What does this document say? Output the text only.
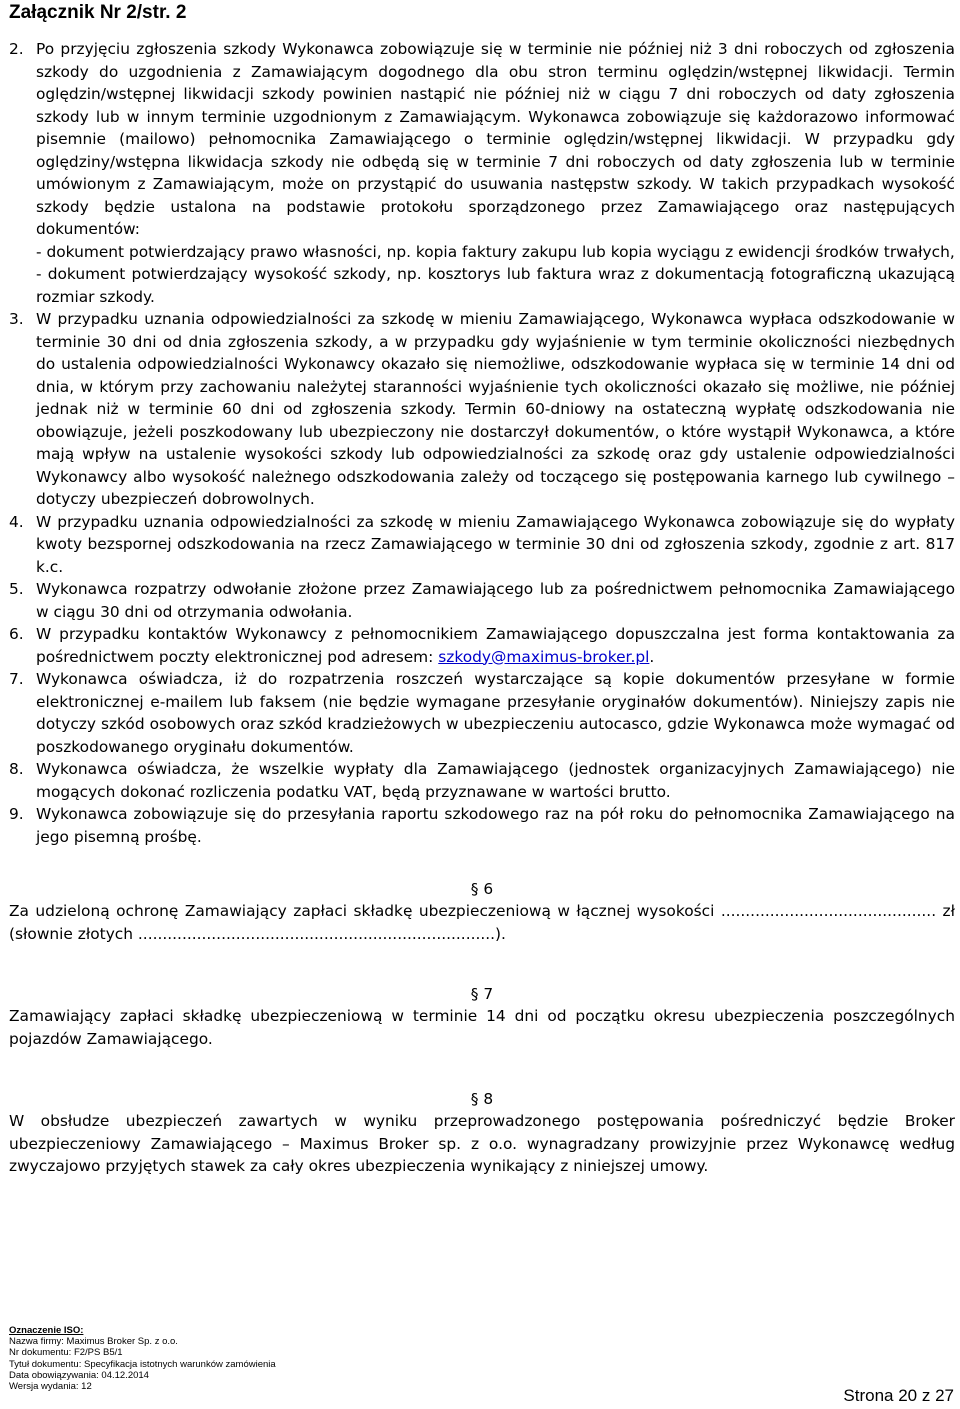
Załącznik Nr 2/str. 2
2. Po przyjęciu zgłoszenia szkody Wykonawca zobowiązuje się w terminie nie później niż 3 dni roboczych od zgłoszenia szkody do uzgodnienia z Zamawiającym dogodnego dla obu stron terminu oględzin/wstępnej likwidacji. Termin oględzin/wstępnej likwidacji szkody powinien nastąpić nie później niż w ciągu 7 dni roboczych od daty zgłoszenia szkody lub w innym terminie uzgodnionym z Zamawiającym. Wykonawca zobowiązuje się każdorazowo informować pisemnie (mailowo) pełnomocnika Zamawiającego o terminie oględzin/wstępnej likwidacji. W przypadku gdy oględziny/wstępna likwidacja szkody nie odbędą się w terminie 7 dni roboczych od daty zgłoszenia lub w terminie umówionym z Zamawiającym, może on przystąpić do usuwania następstw szkody. W takich przypadkach wysokość szkody będzie ustalona na podstawie protokołu sporządzonego przez Zamawiającego oraz następujących dokumentów:

- dokument potwierdzający prawo własności, np. kopia faktury zakupu lub kopia wyciągu z ewidencji środków trwałych,

- dokument potwierdzający wysokość szkody, np. kosztorys lub faktura wraz z dokumentacją fotograficzną ukazującą rozmiar szkody.

3. W przypadku uznania odpowiedzialności za szkodę w mieniu Zamawiającego, Wykonawca wypłaca odszkodowanie w terminie 30 dni od dnia zgłoszenia szkody, a w przypadku gdy wyjaśnienie w tym terminie okoliczności niezbędnych do ustalenia odpowiedzialności Wykonawcy okazało się niemożliwe, odszkodowanie wypłaca się w terminie 14 dni od dnia, w którym przy zachowaniu należytej staranności wyjaśnienie tych okoliczności okazało się możliwe, nie później jednak niż w terminie 60 dni od zgłoszenia szkody. Termin 60-dniowy na ostateczną wypłatę odszkodowania nie obowiązuje, jeżeli poszkodowany lub ubezpieczony nie dostarczył dokumentów, o które wystąpił Wykonawca, a które mają wpływ na ustalenie wysokości szkody lub odpowiedzialności za szkodę oraz gdy ustalenie odpowiedzialności Wykonawcy albo wysokość należnego odszkodowania zależy od toczącego się postępowania karnego lub cywilnego – dotyczy ubezpieczeń dobrowolnych.

4. W przypadku uznania odpowiedzialności za szkodę w mieniu Zamawiającego Wykonawca zobowiązuje się do wypłaty kwoty bezspornej odszkodowania na rzecz Zamawiającego w terminie 30 dni od zgłoszenia szkody, zgodnie z art. 817 k.c.

5. Wykonawca rozpatrzy odwołanie złożone przez Zamawiającego lub za pośrednictwem pełnomocnika Zamawiającego w ciągu 30 dni od otrzymania odwołania.

6. W przypadku kontaktów Wykonawcy z pełnomocnikiem Zamawiającego dopuszczalna jest forma kontaktowania za pośrednictwem poczty elektronicznej pod adresem: szkody@maximus-broker.pl.

7. Wykonawca oświadcza, iż do rozpatrzenia roszczeń wystarczające są kopie dokumentów przesyłane w formie elektronicznej e-mailem lub faksem (nie będzie wymagane przesyłanie oryginałów dokumentów). Niniejszy zapis nie dotyczy szkód osobowych oraz szkód kradzieżowych w ubezpieczeniu autocasco, gdzie Wykonawca może wymagać od poszkodowanego oryginału dokumentów.

8. Wykonawca oświadcza, że wszelkie wypłaty dla Zamawiającego (jednostek organizacyjnych Zamawiającego) nie mogących dokonać rozliczenia podatku VAT, będą przyznawane w wartości brutto.

9. Wykonawca zobowiązuje się do przesyłania raportu szkodowego raz na pół roku do pełnomocnika Zamawiającego na jego pisemną prośbę.

§ 6

Za udzieloną ochronę Zamawiający zapłaci składkę ubezpieczeniową w łącznej wysokości ............................................ zł (słownie złotych .........................................................................).

§ 7

Zamawiający zapłaci składkę ubezpieczeniową w terminie 14 dni od początku okresu ubezpieczenia poszczególnych pojazdów Zamawiającego.

§ 8

W obsłudze ubezpieczeń zawartych w wyniku przeprowadzonego postępowania pośredniczyć będzie Broker ubezpieczeniowy Zamawiającego – Maximus Broker sp. z o.o. wynagradzany prowizyjnie przez Wykonawcę według zwyczajowo przyjętych stawek za cały okres ubezpieczenia wynikający z niniejszej umowy.

Oznaczenie ISO:
Nazwa firmy: Maximus Broker Sp. z o.o.
Nr dokumentu: F2/PS B5/1
Tytuł dokumentu: Specyfikacja istotnych warunków zamówienia
Data obowiązywania: 04.12.2014
Wersja wydania: 12	Strona 20 z 27
